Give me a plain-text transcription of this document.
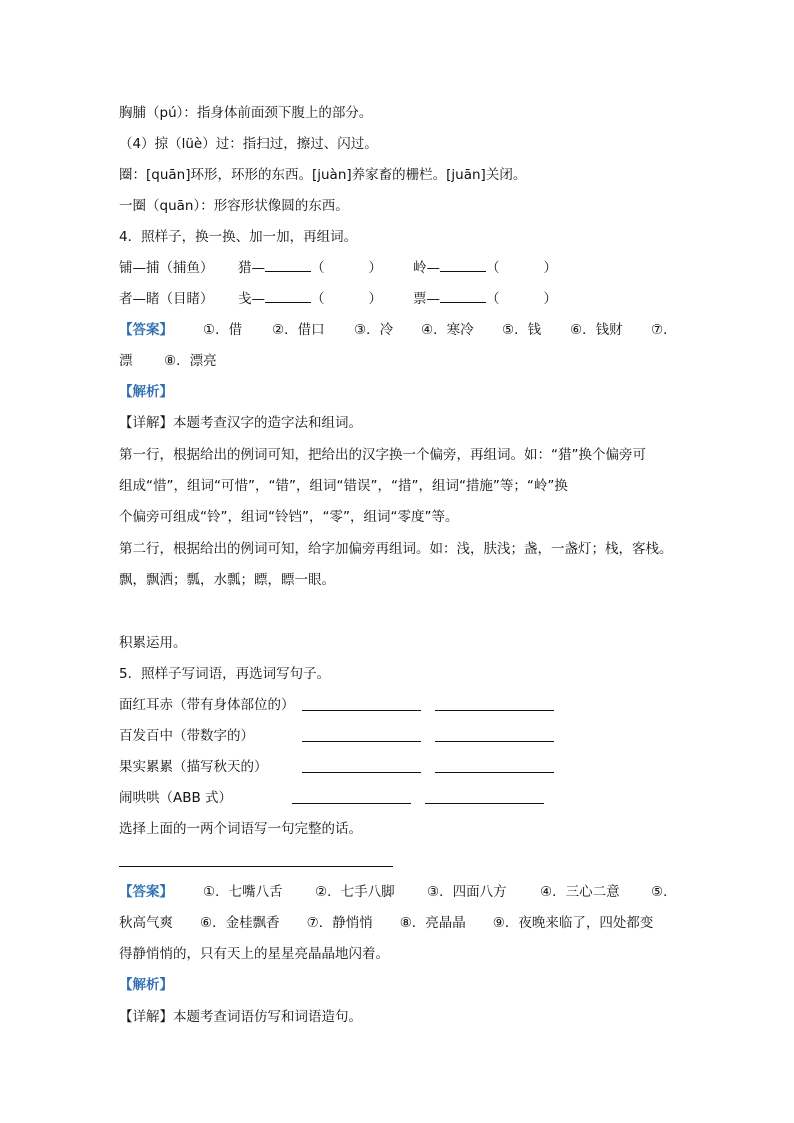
胸脯（pú）：指身体前面颈下腹上的部分。
（4）掠（lüè）过：指扫过，擦过、闪过。
圈：[quān]环形，环形的东西。[juàn]养家畜的栅栏。[juān]关闭。
一圈（quān）：形容形状像圆的东西。
4．照样子，换一换、加一加，再组词。
铺—捕（捕鱼） 猎—	（	） 岭—	（	）
者—睹（目睹） 戋—	（	） 票—	（	）
【答案】 ①．借 ②．借口 ③．冷 ④．寒冷 ⑤．钱 ⑥．钱财 ⑦．
漂 ⑧．漂亮
【解析】
【详解】本题考查汉字的造字法和组词。
第一行，根据给出的例词可知，把给出的汉字换一个偏旁，再组词。如：“猎”换个偏旁可
组成“惜”，组词“可惜”，“错”，组词“错误”，“措”，组词“措施”等；“岭”换
个偏旁可组成“铃”，组词“铃铛”，“零”，组词“零度”等。
第二行，根据给出的例词可知，给字加偏旁再组词。如：浅，肤浅；盏，一盏灯；栈，客栈。
飘，飘洒；瓢，水瓢；瞟，瞟一眼。
积累运用。
5．照样子写词语，再选词写句子。
面红耳赤（带有身体部位的）
百发百中（带数字的）
果实累累（描写秋天的）
闹哄哄（ABB 式）
选择上面的一两个词语写一句完整的话。
【答案】 ①．七嘴八舌 ②．七手八脚 ③．四面八方 ④．三心二意 ⑤．
秋高气爽　　⑥．金桂飘香　　⑦．静悄悄　　⑧．亮晶晶　　⑨．夜晚来临了，四处都变
得静悄悄的，只有天上的星星亮晶晶地闪着。
【解析】
【详解】本题考查词语仿写和词语造句。
